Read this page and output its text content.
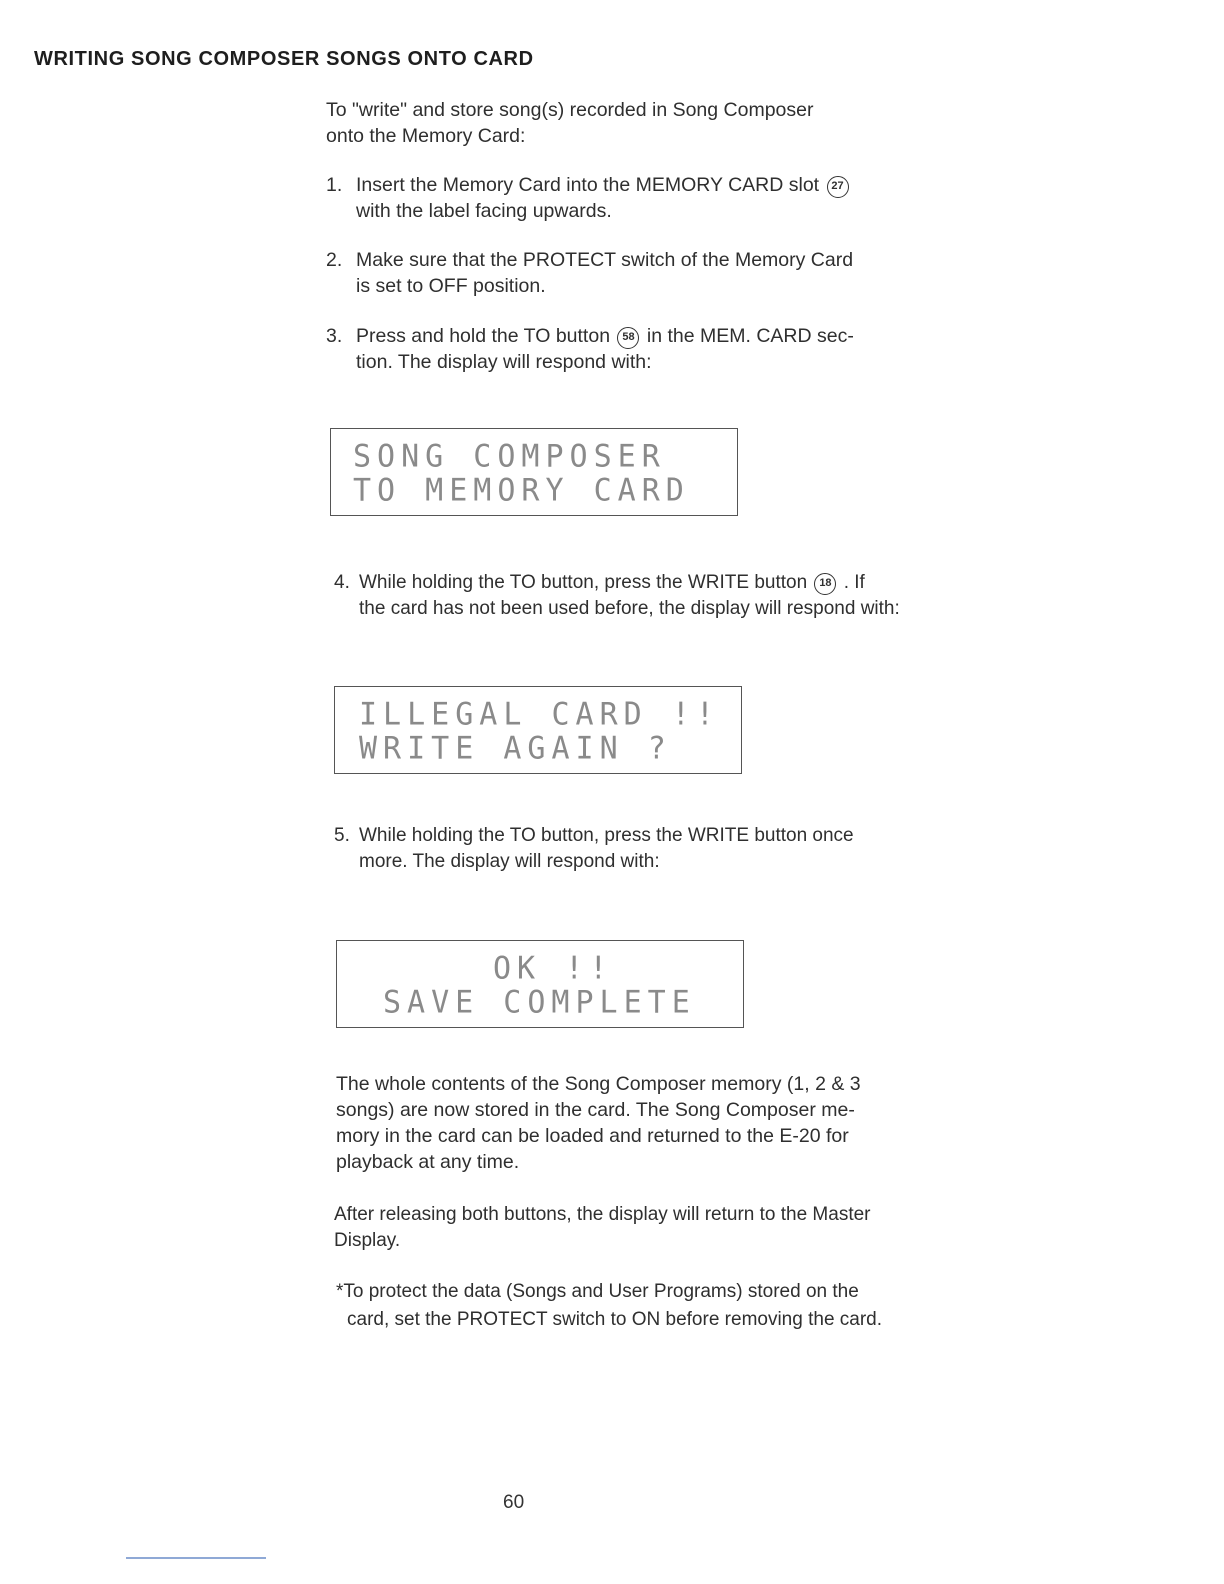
WRITING SONG COMPOSER SONGS ONTO CARD
To "write" and store song(s) recorded in Song Composer
onto the Memory Card:
1. Insert the Memory Card into the MEMORY CARD slot 27
with the label facing upwards.
2. Make sure that the PROTECT switch of the Memory Card
is set to OFF position.
3. Press and hold the TO button 58 in the MEM. CARD sec-
tion. The display will respond with:
SONG COMPOSER
TO MEMORY CARD
4. While holding the TO button, press the WRITE button 18 . If
the card has not been used before, the display will respond with:
ILLEGAL CARD !!
WRITE AGAIN ?
5. While holding the TO button, press the WRITE button once
more. The display will respond with:
OK !!
SAVE COMPLETE
The whole contents of the Song Composer memory (1, 2 & 3
songs) are now stored in the card. The Song Composer me-
mory in the card can be loaded and returned to the E-20 for
playback at any time.
After releasing both buttons, the display will return to the Master
Display.
*To protect the data (Songs and User Programs) stored on the
card, set the PROTECT switch to ON before removing the card.
60
